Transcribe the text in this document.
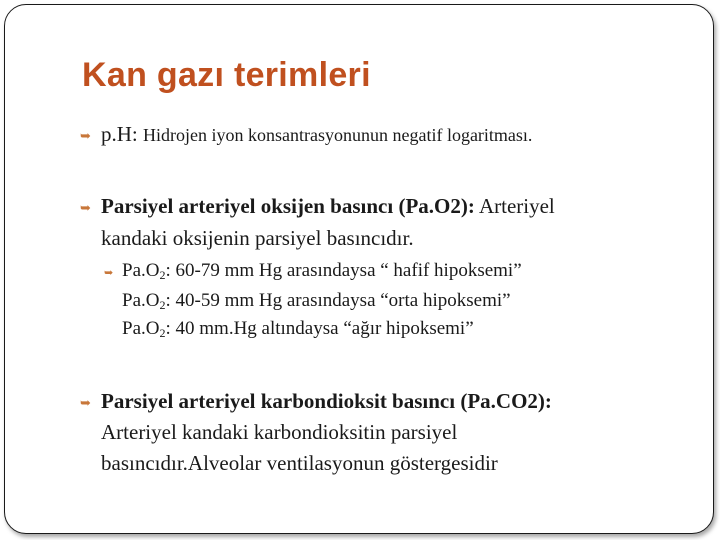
Kan gazı terimleri
➥ p.H: Hidrojen iyon konsantrasyonunun negatif logaritması.
➥ Parsiyel arteriyel oksijen basıncı (Pa.O2): Arteriyel
kandaki oksijenin parsiyel basıncıdır.
➥ $Pa.O_2$: 60-79 mm Hg arasındaysa “ hafif hipoksemi”
$Pa.O_2$: 40-59 mm Hg arasındaysa “orta hipoksemi”
$Pa.O_2$: 40 mm.Hg altındaysa “ağır hipoksemi”
➥ Parsiyel arteriyel karbondioksit basıncı (Pa.CO2):
Arteriyel kandaki karbondioksitin parsiyel
basıncıdır.Alveolar ventilasyonun göstergesidir
